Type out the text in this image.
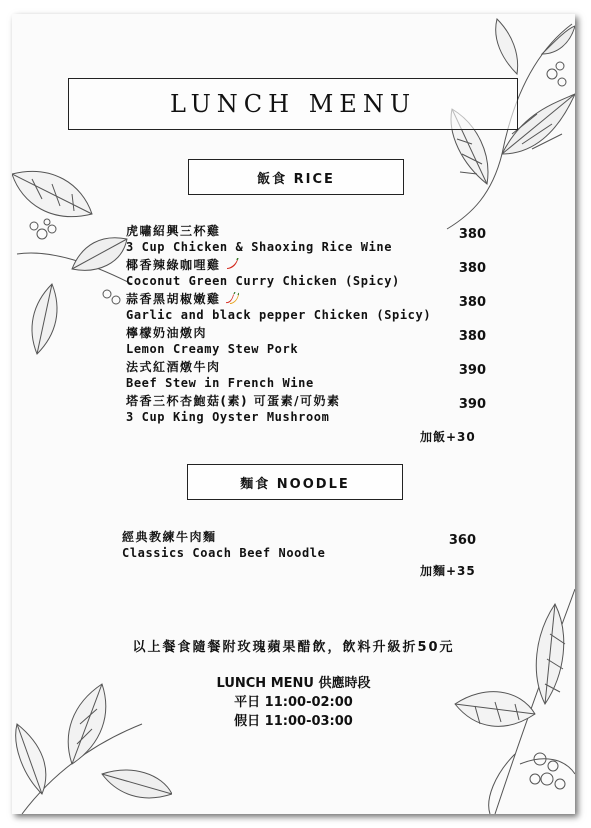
LUNCH MENU
飯食 RICE
虎嘯紹興三杯雞
3 Cup Chicken & Shaoxing Rice Wine
380
椰香辣綠咖哩雞
Coconut Green Curry Chicken (Spicy)
380
蒜香黑胡椒嫩雞
Garlic and black pepper Chicken (Spicy)
380
檸檬奶油燉肉
Lemon Creamy Stew Pork
380
法式紅酒燉牛肉
Beef Stew in French Wine
390
塔香三杯杏鮑菇(素) 可蛋素/可奶素
3 Cup King Oyster Mushroom
390
加飯+30
麵食 NOODLE
經典教練牛肉麵
Classics Coach Beef Noodle
360
加麵+35
以上餐食隨餐附玫瑰蘋果醋飲，飲料升級折50元
LUNCH MENU 供應時段
平日 11:00-02:00
假日 11:00-03:00
